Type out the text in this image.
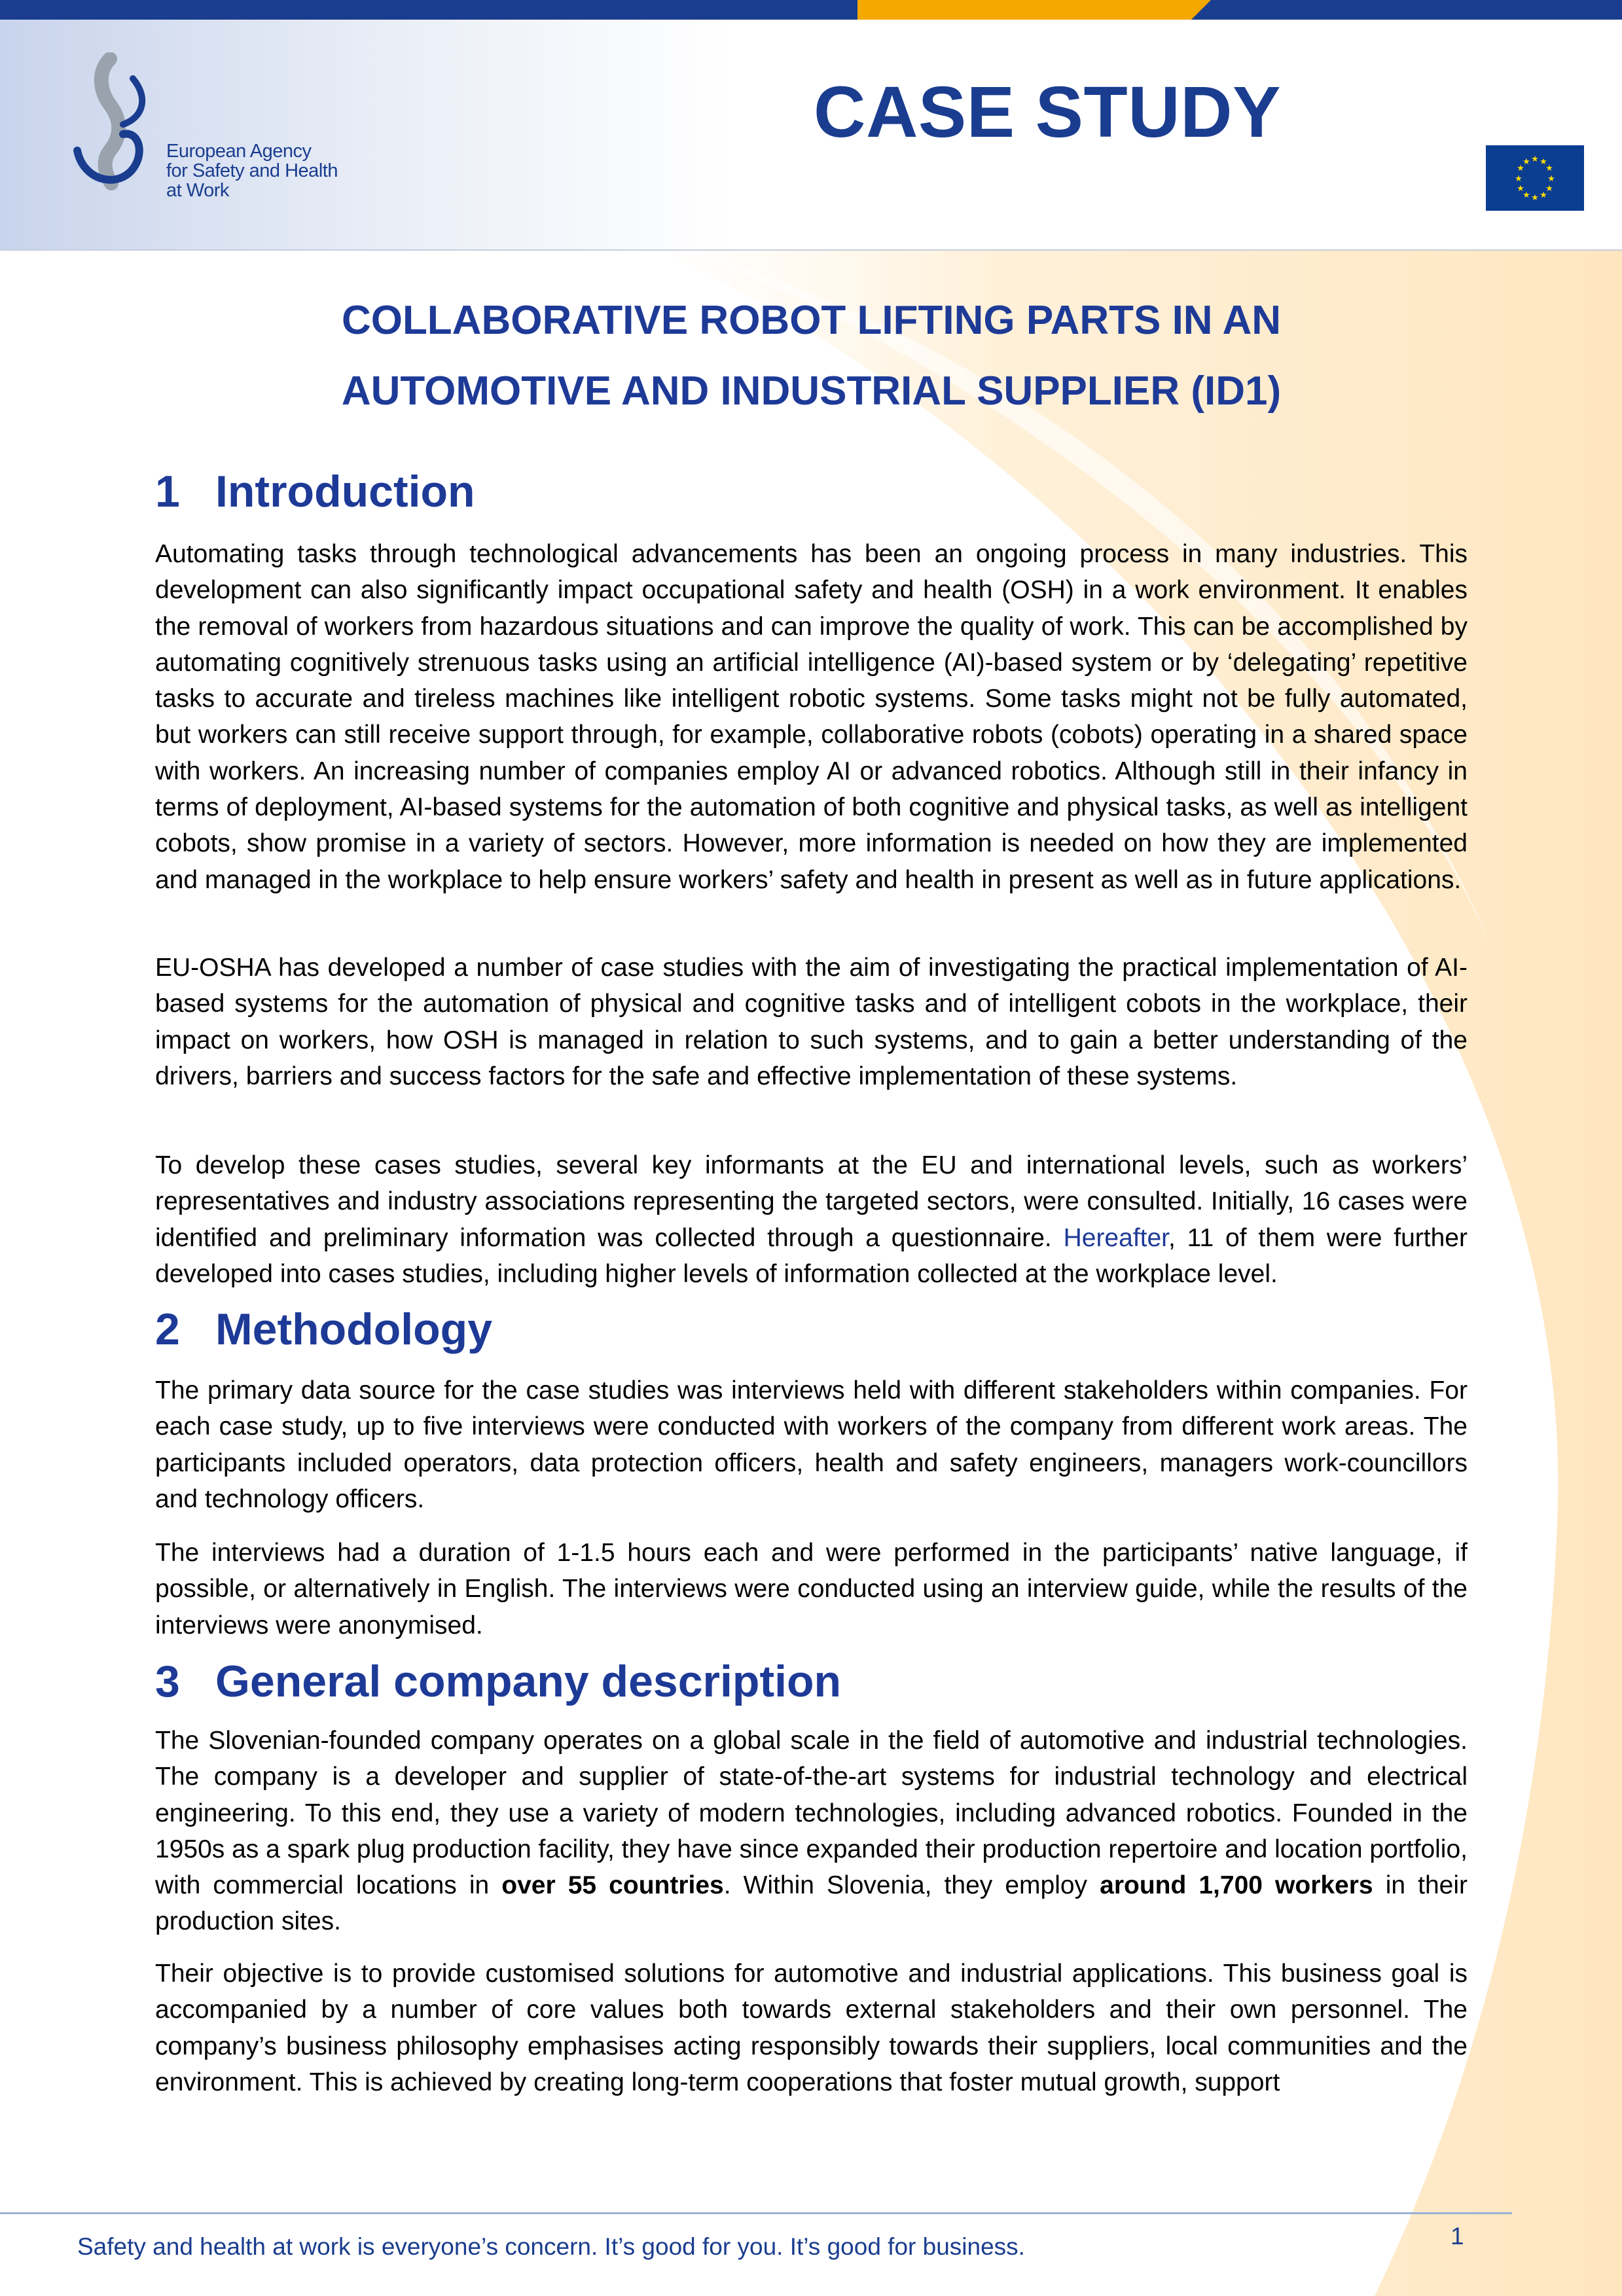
European Agency
for Safety and Health
at Work
CASE STUDY
★ ★
★
★
★
★
★
★
★
★
★
★
COLLABORATIVE ROBOT LIFTING PARTS IN AN
AUTOMOTIVE AND INDUSTRIAL SUPPLIER (ID1)
1 Introduction

Automating tasks through technological advancements has been an ongoing process in many industries. This development can also significantly impact occupational safety and health (OSH) in a work environment. It enables the removal of workers from hazardous situations and can improve the quality of work. This can be accomplished by automating cognitively strenuous tasks using an artificial intelligence (AI)-based system or by ‘delegating’ repetitive tasks to accurate and tireless machines like intelligent robotic systems. Some tasks might not be fully automated, but workers can still receive support through, for example, collaborative robots (cobots) operating in a shared space with workers. An increasing number of companies employ AI or advanced robotics. Although still in their infancy in terms of deployment, AI-based systems for the automation of both cognitive and physical tasks, as well as intelligent cobots, show promise in a variety of sectors. However, more information is needed on how they are implemented and managed in the workplace to help ensure workers’ safety and health in present as well as in future applications.

EU-OSHA has developed a number of case studies with the aim of investigating the practical implementation of AI-based systems for the automation of physical and cognitive tasks and of intelligent cobots in the workplace, their impact on workers, how OSH is managed in relation to such systems, and to gain a better understanding of the drivers, barriers and success factors for the safe and effective implementation of these systems.

To develop these cases studies, several key informants at the EU and international levels, such as workers’ representatives and industry associations representing the targeted sectors, were consulted. Initially, 16 cases were identified and preliminary information was collected through a questionnaire. Hereafter, 11 of them were further developed into cases studies, including higher levels of information collected at the workplace level.

2 Methodology

The primary data source for the case studies was interviews held with different stakeholders within companies. For each case study, up to five interviews were conducted with workers of the company from different work areas. The participants included operators, data protection officers, health and safety engineers, managers work-councillors and technology officers.

The interviews had a duration of 1-1.5 hours each and were performed in the participants’ native language, if possible, or alternatively in English. The interviews were conducted using an interview guide, while the results of the interviews were anonymised.

3 General company description

The Slovenian-founded company operates on a global scale in the field of automotive and industrial technologies. The company is a developer and supplier of state-of-the-art systems for industrial technology and electrical engineering. To this end, they use a variety of modern technologies, including advanced robotics. Founded in the 1950s as a spark plug production facility, they have since expanded their production repertoire and location portfolio, with commercial locations in over 55 countries. Within Slovenia, they employ around 1,700 workers in their production sites.

Their objective is to provide customised solutions for automotive and industrial applications. This business goal is accompanied by a number of core values both towards external stakeholders and their own personnel. The company’s business philosophy emphasises acting responsibly towards their suppliers, local communities and the environment. This is achieved by creating long-term cooperations that foster mutual growth, support

1
Safety and health at work is everyone’s concern. It’s good for you. It’s good for business.
